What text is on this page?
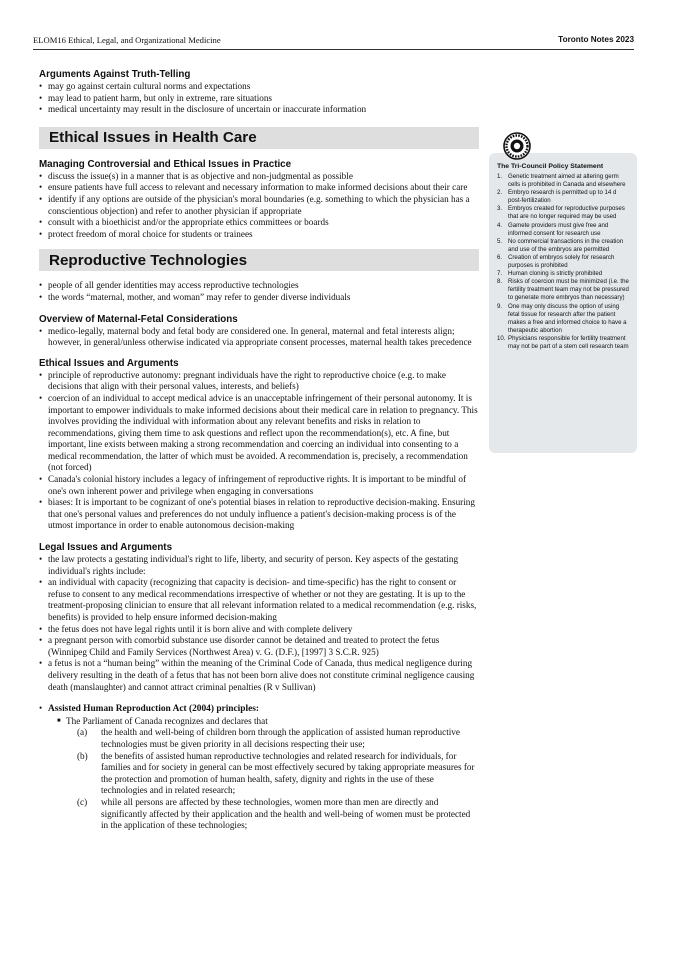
ELOM16 Ethical, Legal, and Organizational Medicine	Toronto Notes 2023

Arguments Against Truth-Telling

• may go against certain cultural norms and expectations
• may lead to patient harm, but only in extreme, rare situations
• medical uncertainty may result in the disclosure of uncertain or inaccurate information
Ethical Issues in Health Care

Managing Controversial and Ethical Issues in Practice

• discuss the issue(s) in a manner that is as objective and non-judgmental as possible
• ensure patients have full access to relevant and necessary information to make informed decisions about their care
• identify if any options are outside of the physician's moral boundaries (e.g. something to which the physician has a conscientious objection) and refer to another physician if appropriate
• consult with a bioethicist and/or the appropriate ethics committees or boards
• protect freedom of moral choice for students or trainees
Reproductive Technologies
• people of all gender identities may access reproductive technologies
• the words “maternal, mother, and woman” may refer to gender diverse individuals

Overview of Maternal-Fetal Considerations

• medico-legally, maternal body and fetal body are considered one. In general, maternal and fetal interests align; however, in general/unless otherwise indicated via appropriate consent processes, maternal health takes precedence

Ethical Issues and Arguments

• principle of reproductive autonomy: pregnant individuals have the right to reproductive choice (e.g. to make decisions that align with their personal values, interests, and beliefs)
• coercion of an individual to accept medical advice is an unacceptable infringement of their personal autonomy. It is important to empower individuals to make informed decisions about their medical care in relation to pregnancy. This involves providing the individual with information about any relevant benefits and risks in relation to recommendations, giving them time to ask questions and reflect upon the recommendation(s), etc. A fine, but important, line exists between making a strong recommendation and coercing an individual into consenting to a medical recommendation, the latter of which must be avoided. A recommendation is, precisely, a recommendation (not forced)
• Canada's colonial history includes a legacy of infringement of reproductive rights. It is important to be mindful of one's own inherent power and privilege when engaging in conversations
• biases: It is important to be cognizant of one's potential biases in relation to reproductive decision-making. Ensuring that one's personal values and preferences do not unduly influence a patient's decision-making process is of the utmost importance in order to enable autonomous decision-making

Legal Issues and Arguments

• the law protects a gestating individual's right to life, liberty, and security of person. Key aspects of the gestating individual's rights include:
• an individual with capacity (recognizing that capacity is decision- and time-specific) has the right to consent or refuse to consent to any medical recommendations irrespective of whether or not they are gestating. It is up to the treatment-proposing clinician to ensure that all relevant information related to a medical recommendation (e.g. risks, benefits) is provided to help ensure informed decision-making
• the fetus does not have legal rights until it is born alive and with complete delivery
• a pregnant person with comorbid substance use disorder cannot be detained and treated to protect the fetus (Winnipeg Child and Family Services (Northwest Area) v. G. (D.F.), [1997] 3 S.C.R. 925)
• a fetus is not a “human being” within the meaning of the Criminal Code of Canada, thus medical negligence during delivery resulting in the death of a fetus that has not been born alive does not constitute criminal negligence causing death (manslaughter) and cannot attract criminal penalties (R v Sullivan)
• Assisted Human Reproduction Act (2004) principles:
■ The Parliament of Canada recognizes and declares that
(a)	the health and well-being of children born through the application of assisted human reproductive technologies must be given priority in all decisions respecting their use;
(b)	the benefits of assisted human reproductive technologies and related research for individuals, for families and for society in general can be most effectively secured by taking appropriate measures for the protection and promotion of human health, safety, dignity and rights in the use of these technologies and in related research;
(c)	while all persons are affected by these technologies, women more than men are directly and significantly affected by their application and the health and well-being of women must be protected in the application of these technologies;
The Tri-Council Policy Statement
1. Genetic treatment aimed at altering germ cells is prohibited in Canada and elsewhere
2. Embryo research is permitted up to 14 d post-fertilization
3. Embryos created for reproductive purposes that are no longer required may be used
4. Gamete providers must give free and informed consent for research use
5. No commercial transactions in the creation and use of the embryos are permitted
6. Creation of embryos solely for research purposes is prohibited
7. Human cloning is strictly prohibited
8. Risks of coercion must be minimized (i.e. the fertility treatment team may not be pressured to generate more embryos than necessary)
9. One may only discuss the option of using fetal tissue for research after the patient makes a free and informed choice to have a therapeutic abortion
10. Physicians responsible for fertility treatment may not be part of a stem cell research team
